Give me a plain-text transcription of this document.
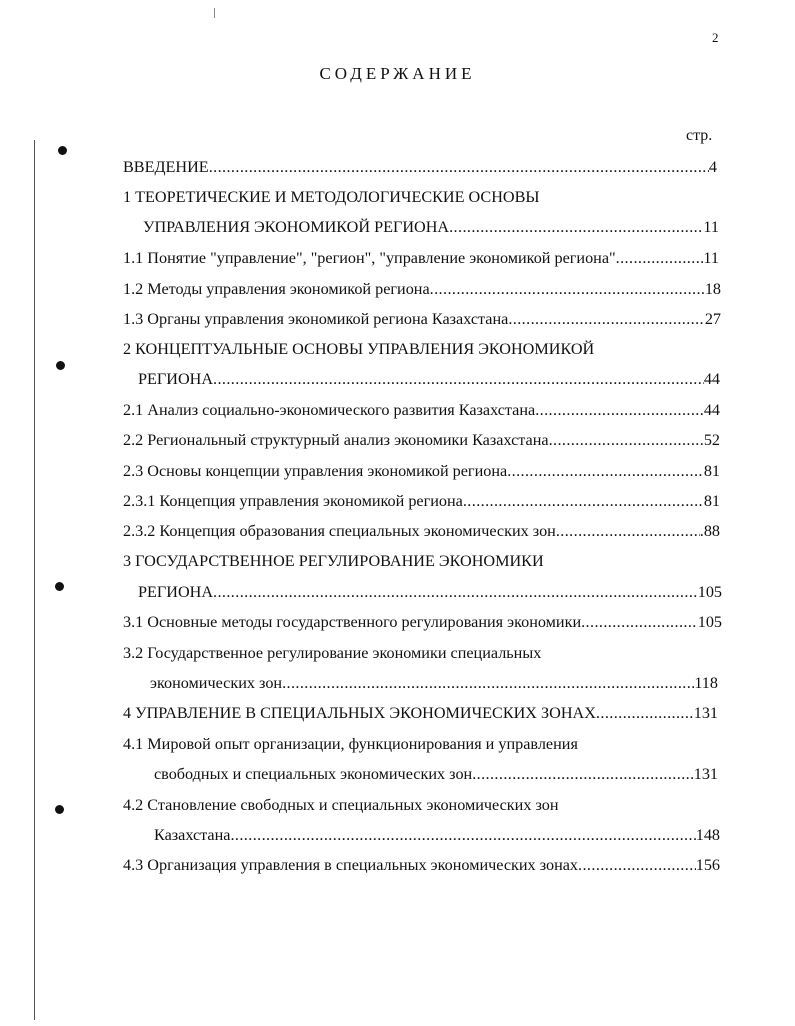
2
СОДЕРЖАНИЕ
стр.
ВВЕДЕНИЕ .....	4
1 ТЕОРЕТИЧЕСКИЕ И МЕТОДОЛОГИЧЕСКИЕ ОСНОВЫ
УПРАВЛЕНИЯ ЭКОНОМИКОЙ РЕГИОНА .....	11
1.1 Понятие "управление", "регион", "управление экономикой региона" .....	11
1.2 Методы управления экономикой региона .....	18
1.3 Органы управления экономикой региона Казахстана .....	27
2 КОНЦЕПТУАЛЬНЫЕ ОСНОВЫ УПРАВЛЕНИЯ ЭКОНОМИКОЙ
РЕГИОНА .....	44
2.1 Анализ социально-экономического развития Казахстана .....	44
2.2 Региональный структурный анализ экономики Казахстана .....	52
2.3 Основы концепции управления экономикой региона .....	81
2.3.1 Концепция управления экономикой региона .....	81
2.3.2 Концепция образования специальных экономических зон .....	.88
3 ГОСУДАРСТВЕННОЕ РЕГУЛИРОВАНИЕ ЭКОНОМИКИ
РЕГИОНА .....	105
3.1 Основные методы государственного регулирования экономики .....	105
3.2 Государственное регулирование экономики специальных
экономических зон .....	118
4 УПРАВЛЕНИЕ В СПЕЦИАЛЬНЫХ ЭКОНОМИЧЕСКИХ ЗОНАХ .....	131
4.1 Мировой опыт организации, функционирования и управления
свободных и специальных экономических зон .....	131
4.2 Становление свободных и специальных экономических зон
Казахстана .....	148
4.3 Организация управления в специальных экономических зонах .....	156
